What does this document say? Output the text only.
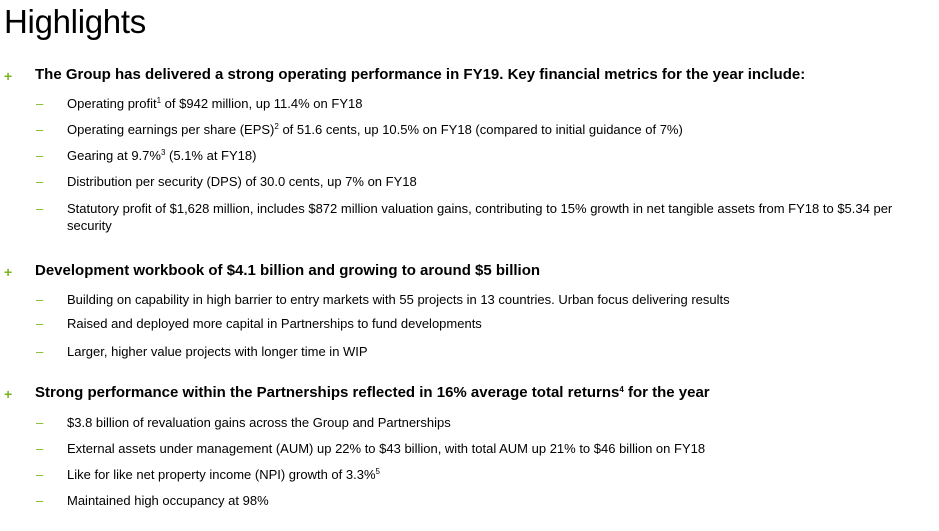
Highlights
+ The Group has delivered a strong operating performance in FY19. Key financial metrics for the year include:
– Operating profit$^1$ of $942 million, up 11.4% on FY18
– Operating earnings per share (EPS)$^2$ of 51.6 cents, up 10.5% on FY18 (compared to initial guidance of 7%)
– Gearing at 9.7%$^3$ (5.1% at FY18)
– Distribution per security (DPS) of 30.0 cents, up 7% on FY18
– Statutory profit of $1,628 million, includes $872 million valuation gains, contributing to 15% growth in net tangible assets from FY18 to $5.34 per security
+ Development workbook of $4.1 billion and growing to around $5 billion
– Building on capability in high barrier to entry markets with 55 projects in 13 countries. Urban focus delivering results
– Raised and deployed more capital in Partnerships to fund developments
– Larger, higher value projects with longer time in WIP
+ Strong performance within the Partnerships reflected in 16% average total returns$^4$ for the year
– $3.8 billion of revaluation gains across the Group and Partnerships
– External assets under management (AUM) up 22% to $43 billion, with total AUM up 21% to $46 billion on FY18
– Like for like net property income (NPI) growth of 3.3%$^5$
– Maintained high occupancy at 98%
